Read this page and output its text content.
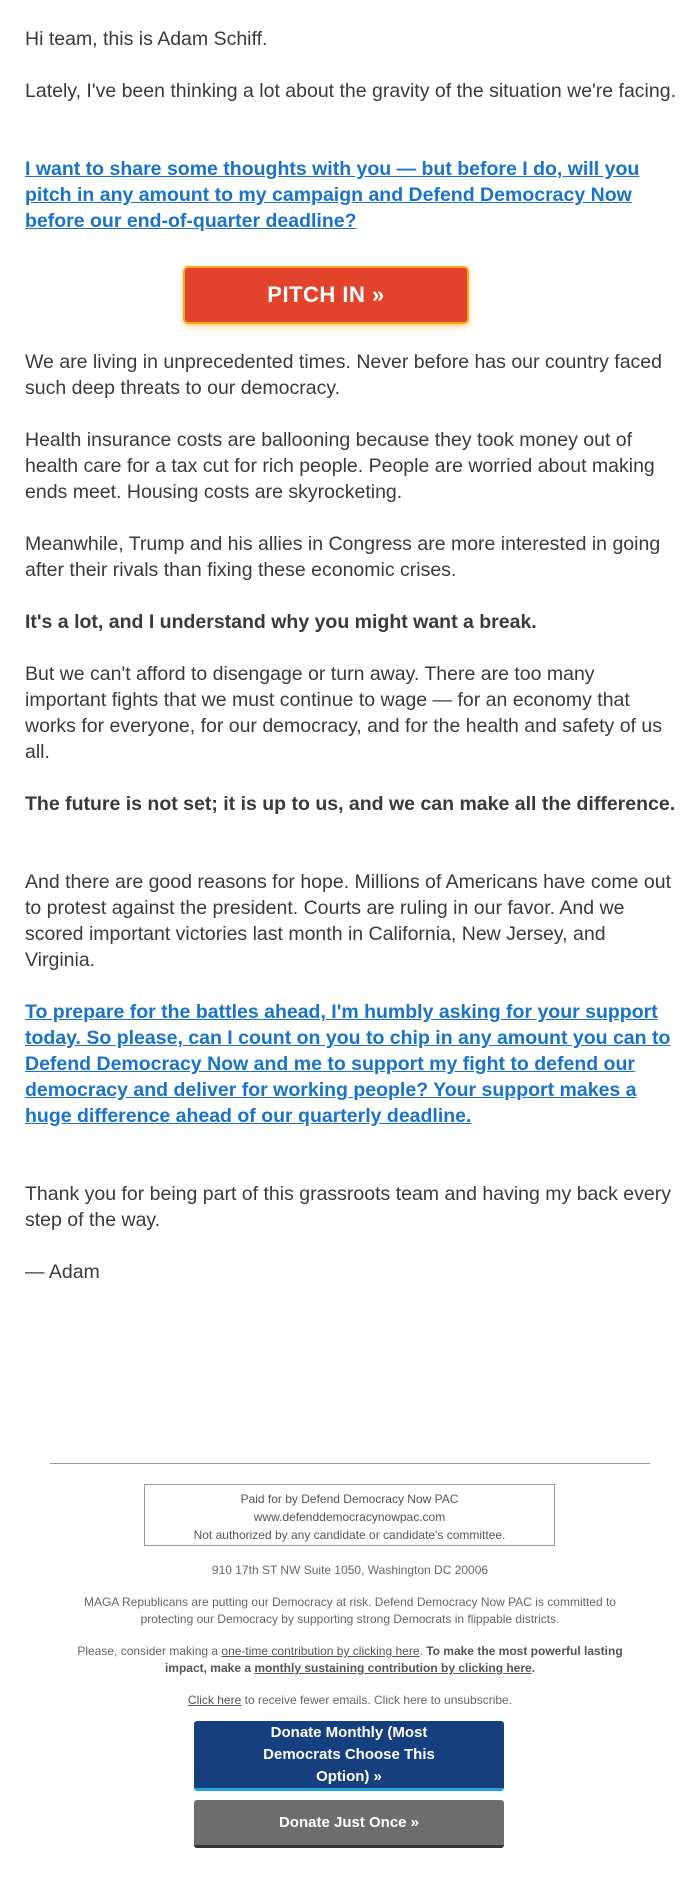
Hi team, this is Adam Schiff.

Lately, I've been thinking a lot about the gravity of the situation we're facing.

I want to share some thoughts with you — but before I do, will you pitch in any amount to my campaign and Defend Democracy Now before our end-of-quarter deadline?

We are living in unprecedented times. Never before has our country faced such deep threats to our democracy.

Health insurance costs are ballooning because they took money out of health care for a tax cut for rich people. People are worried about making ends meet. Housing costs are skyrocketing.

Meanwhile, Trump and his allies in Congress are more interested in going after their rivals than fixing these economic crises.

It's a lot, and I understand why you might want a break.

But we can't afford to disengage or turn away. There are too many important fights that we must continue to wage — for an economy that works for everyone, for our democracy, and for the health and safety of us all.

The future is not set; it is up to us, and we can make all the difference.

And there are good reasons for hope. Millions of Americans have come out to protest against the president. Courts are ruling in our favor. And we scored important victories last month in California, New Jersey, and Virginia.

To prepare for the battles ahead, I'm humbly asking for your support today. So please, can I count on you to chip in any amount you can to Defend Democracy Now and me to support my fight to defend our democracy and deliver for working people? Your support makes a huge difference ahead of our quarterly deadline.

Thank you for being part of this grassroots team and having my back every step of the way.

— Adam

PITCH IN »
Paid for by Defend Democracy Now PAC
www.defenddemocracynowpac.com
Not authorized by any candidate or candidate's committee.
910 17th ST NW Suite 1050, Washington DC 20006
MAGA Republicans are putting our Democracy at risk. Defend Democracy Now PAC is committed to protecting our Democracy by supporting strong Democrats in flippable districts.
Please, consider making a one-time contribution by clicking here. To make the most powerful lasting impact, make a monthly sustaining contribution by clicking here.
Click here to receive fewer emails. Click here to unsubscribe.
Donate Monthly (Most Democrats Choose This Option) »
Donate Just Once »
